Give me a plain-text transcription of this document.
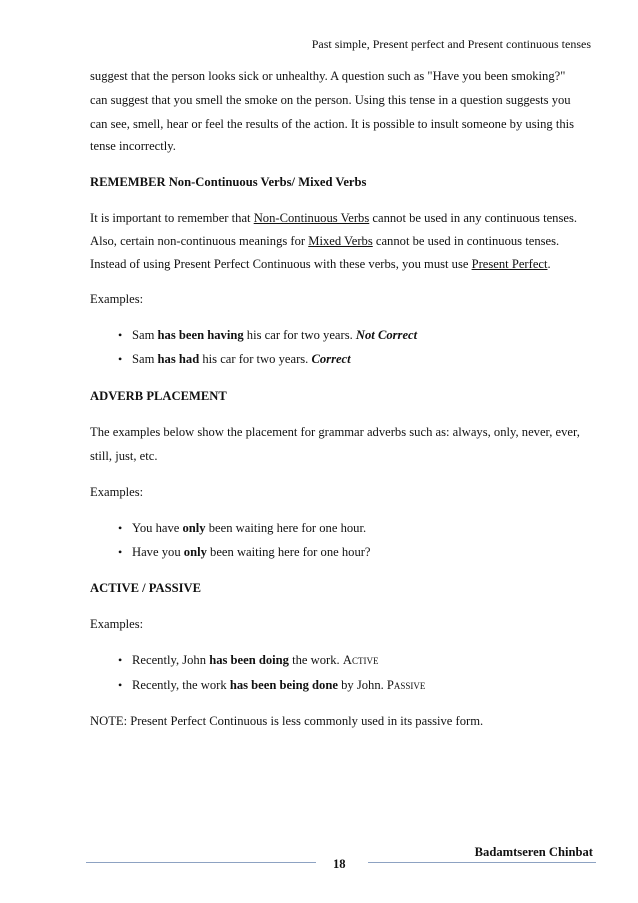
Past simple, Present perfect and Present continuous tenses
suggest that the person looks sick or unhealthy. A question such as "Have you been smoking?"
can suggest that you smell the smoke on the person. Using this tense in a question suggests you
can see, smell, hear or feel the results of the action. It is possible to insult someone by using this
tense incorrectly.
REMEMBER Non-Continuous Verbs/ Mixed Verbs
It is important to remember that Non-Continuous Verbs cannot be used in any continuous tenses.
Also, certain non-continuous meanings for Mixed Verbs cannot be used in continuous tenses.
Instead of using Present Perfect Continuous with these verbs, you must use Present Perfect.
Examples:
• Sam has been having his car for two years. Not Correct
• Sam has had his car for two years. Correct
ADVERB PLACEMENT
The examples below show the placement for grammar adverbs such as: always, only, never, ever,
still, just, etc.
Examples:
• You have only been waiting here for one hour.
• Have you only been waiting here for one hour?
ACTIVE / PASSIVE
Examples:
• Recently, John has been doing the work. Active
• Recently, the work has been being done by John. Passive
NOTE: Present Perfect Continuous is less commonly used in its passive form.
Badamtseren Chinbat
18
